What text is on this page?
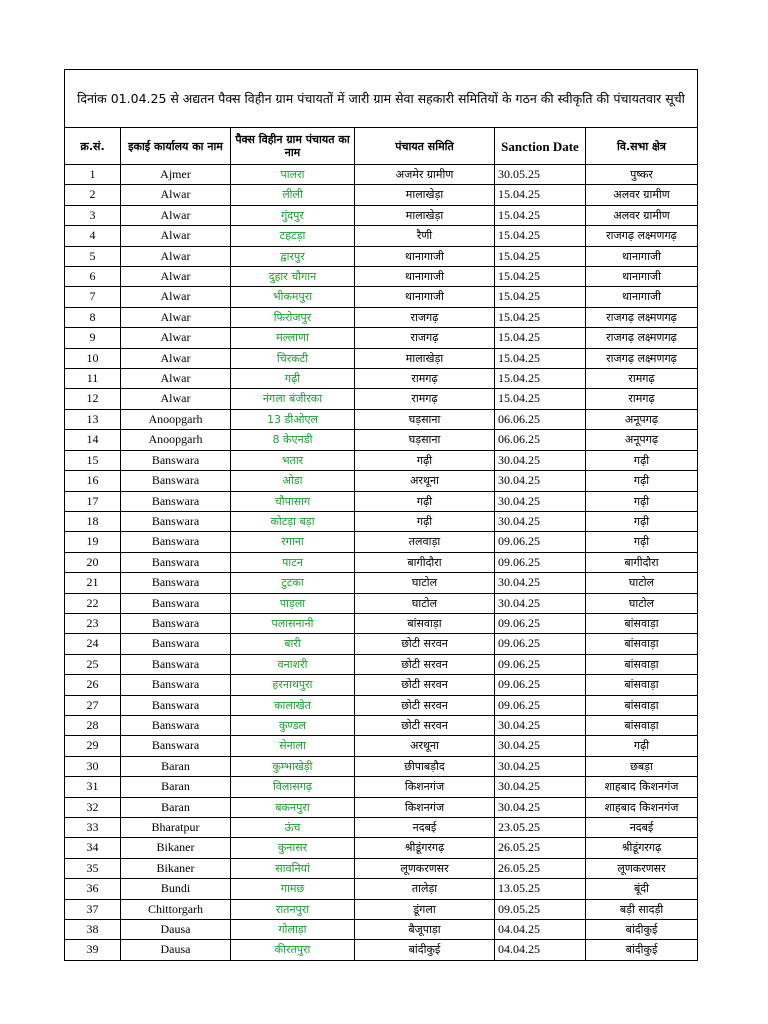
दिनांक 01.04.25 से अद्यतन पैक्स विहीन ग्राम पंचायतों में जारी ग्राम सेवा सहकारी समितियों के गठन की स्वीकृति की पंचायतवार सूची					
क्र.सं.	इकाई कार्यालय का नाम	पैक्स विहीन ग्राम पंचायत का नाम	पंचायत समिति	Sanction Date	वि.सभा क्षेत्र
1	Ajmer	पालरा	अजमेर ग्रामीण	30.05.25	पुष्कर
2	Alwar	लीली	मालाखेड़ा	15.04.25	अलवर ग्रामीण
3	Alwar	गुंदपुर	मालाखेड़ा	15.04.25	अलवर ग्रामीण
4	Alwar	टहटड़ा	रैणी	15.04.25	राजगढ़ लक्ष्मणगढ़
5	Alwar	द्वारपुर	थानागाजी	15.04.25	थानागाजी
6	Alwar	दुहार चौगान	थानागाजी	15.04.25	थानागाजी
7	Alwar	भीकमपुरा	थानागाजी	15.04.25	थानागाजी
8	Alwar	फिरोजपुर	राजगढ़	15.04.25	राजगढ़ लक्ष्मणगढ़
9	Alwar	मल्लाणा	राजगढ़	15.04.25	राजगढ़ लक्ष्मणगढ़
10	Alwar	चिरकटी	मालाखेड़ा	15.04.25	राजगढ़ लक्ष्मणगढ़
11	Alwar	गढ़ी	रामगढ़	15.04.25	रामगढ़
12	Alwar	नंगला बंजीरका	रामगढ़	15.04.25	रामगढ़
13	Anoopgarh	13 डीओएल	घड़साना	06.06.25	अनूपगढ़
14	Anoopgarh	8 केएनडी	घड़साना	06.06.25	अनूपगढ़
15	Banswara	भतार	गढ़ी	30.04.25	गढ़ी
16	Banswara	ओडा	अरथूना	30.04.25	गढ़ी
17	Banswara	चौपासाग	गढ़ी	30.04.25	गढ़ी
18	Banswara	कोटड़ा बड़ा	गढ़ी	30.04.25	गढ़ी
19	Banswara	रगाना	तलवाड़ा	09.06.25	गढ़ी
20	Banswara	पाटन	बागीदौरा	09.06.25	बागीदौरा
21	Banswara	टुटका	घाटोल	30.04.25	घाटोल
22	Banswara	पाड़ला	घाटोल	30.04.25	घाटोल
23	Banswara	पलासनानी	बांसवाड़ा	09.06.25	बांसवाड़ा
24	Banswara	बारी	छोटी सरवन	09.06.25	बांसवाड़ा
25	Banswara	वनाशरी	छोटी सरवन	09.06.25	बांसवाड़ा
26	Banswara	हरनाथपुरा	छोटी सरवन	09.06.25	बांसवाड़ा
27	Banswara	कालाखेत	छोटी सरवन	09.06.25	बांसवाड़ा
28	Banswara	कुण्डल	छोटी सरवन	30.04.25	बांसवाड़ा
29	Banswara	सेनाला	अरथूना	30.04.25	गढ़ी
30	Baran	कुम्भाखेड़ी	छीपाबड़ौद	30.04.25	छबड़ा
31	Baran	विलासगढ़	किशनगंज	30.04.25	शाहबाद किशनगंज
32	Baran	बकनपुरा	किशनगंज	30.04.25	शाहबाद किशनगंज
33	Bharatpur	ऊंच	नदबई	23.05.25	नदबई
34	Bikaner	कुनासर	श्रीडूंगरगढ़	26.05.25	श्रीडूंगरगढ़
35	Bikaner	सावनियां	लूणकरणसर	26.05.25	लूणकरणसर
36	Bundi	गामछ	तालेड़ा	13.05.25	बूंदी
37	Chittorgarh	रातनपुरा	डूंगला	09.05.25	बड़ी सादड़ी
38	Dausa	गोलाड़ा	बैजूपाड़ा	04.04.25	बांदीकुई
39	Dausa	कीरतपुरा	बांदीकुई	04.04.25	बांदीकुई
